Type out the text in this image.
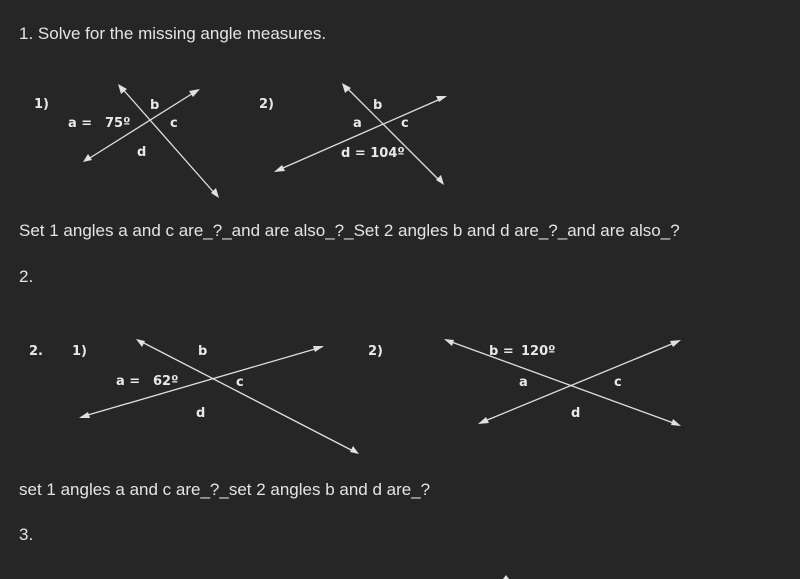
1. Solve for the missing angle measures.
1)
a = 75º
b
c
d
2)	b
a	c
d = 104º
2. 1)
a = 62º
b
c
d
2)	b = 120º
a	c
d
Set 1 angles a and c are_?_and are also_?_Set 2 angles b and d are_?_and are also_?
2.
set 1 angles a and c are_?_set 2 angles b and d are_?
3.
